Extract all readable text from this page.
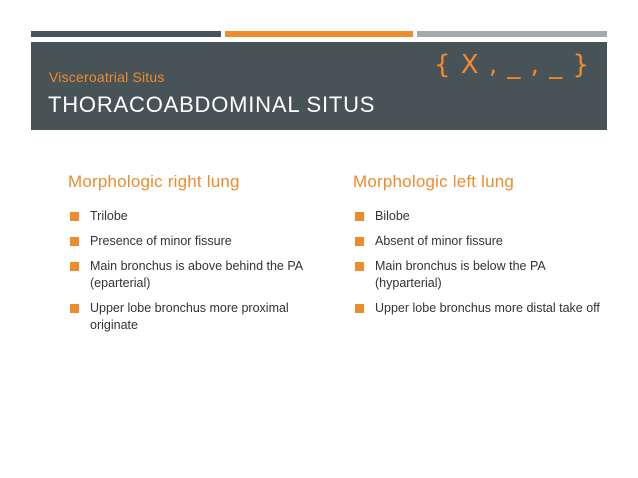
Visceroatrial Situs
THORACOABDOMINAL SITUS
{ X , _ , _ }
Morphologic right lung
Trilobe
Presence of minor fissure
Main bronchus is above behind the PA (eparterial)
Upper lobe bronchus more proximal originate
Morphologic left lung
Bilobe
Absent of minor fissure
Main bronchus is below the PA (hyparterial)
Upper lobe bronchus more distal take off
